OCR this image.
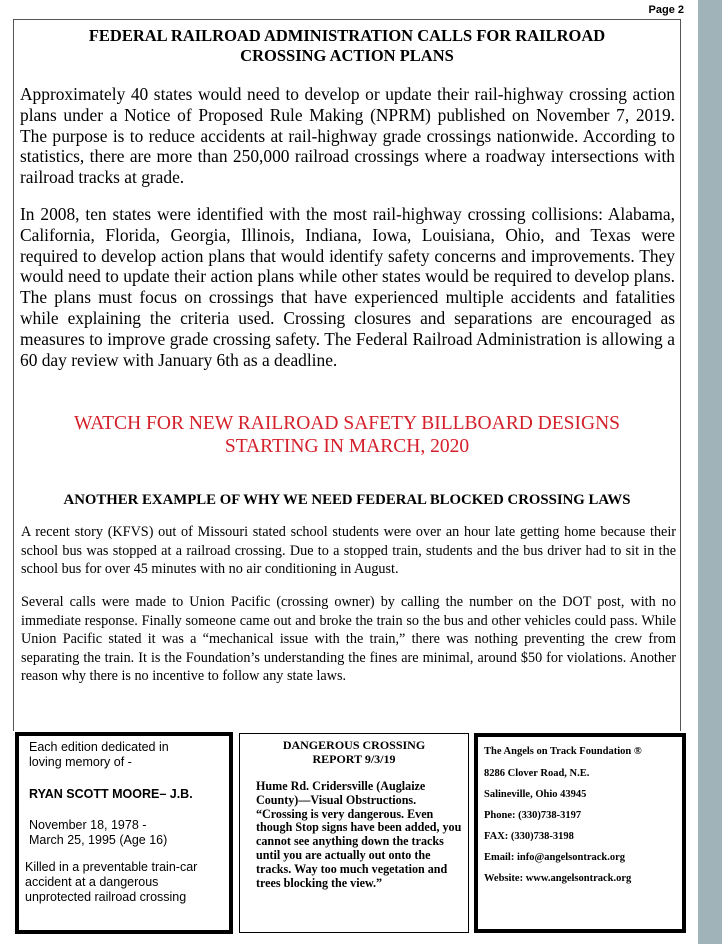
Page 2
FEDERAL RAILROAD ADMINISTRATION CALLS FOR RAILROAD
CROSSING ACTION PLANS

Approximately 40 states would need to develop or update their rail-highway crossing action plans under a Notice of Proposed Rule Making (NPRM) published on November 7, 2019. The purpose is to reduce accidents at rail-highway grade crossings nationwide. According to statistics, there are more than 250,000 railroad crossings where a roadway intersections with railroad tracks at grade.

In 2008, ten states were identified with the most rail-highway crossing collisions: Alabama, California, Florida, Georgia, Illinois, Indiana, Iowa, Louisiana, Ohio, and Texas were required to develop action plans that would identify safety concerns and improvements. They would need to update their action plans while other states would be required to develop plans. The plans must focus on crossings that have experienced multiple accidents and fatalities while explaining the criteria used. Crossing closures and separations are encouraged as measures to improve grade crossing safety. The Federal Railroad Administration is allowing a 60 day review with January 6th as a deadline.

WATCH FOR NEW RAILROAD SAFETY BILLBOARD DESIGNS
STARTING IN MARCH, 2020
ANOTHER EXAMPLE OF WHY WE NEED FEDERAL BLOCKED CROSSING LAWS

A recent story (KFVS) out of Missouri stated school students were over an hour late getting home because their school bus was stopped at a railroad crossing. Due to a stopped train, students and the bus driver had to sit in the school bus for over 45 minutes with no air conditioning in August.

Several calls were made to Union Pacific (crossing owner) by calling the number on the DOT post, with no immediate response. Finally someone came out and broke the train so the bus and other vehicles could pass. While Union Pacific stated it was a “mechanical issue with the train,” there was nothing preventing the crew from separating the train. It is the Foundation’s understanding the fines are minimal, around $50 for violations. Another reason why there is no incentive to follow any state laws.

Each edition dedicated in

loving memory of -

RYAN SCOTT MOORE– J.B.

November 18, 1978 -

March 25, 1995 (Age 16)

Killed in a preventable train-car

accident at a dangerous

unprotected railroad crossing

DANGEROUS CROSSING
REPORT 9/3/19

Hume Rd. Cridersville (Auglaize County)—Visual Obstructions. “Crossing is very dangerous. Even though Stop signs have been added, you cannot see anything down the tracks until you are actually out onto the tracks. Way too much vegetation and trees blocking the view.”

The Angels on Track Foundation ®

8286 Clover Road, N.E.

Salineville, Ohio 43945

Phone: (330)738-3197

FAX: (330)738-3198

Email: info@angelsontrack.org

Website: www.angelsontrack.org
